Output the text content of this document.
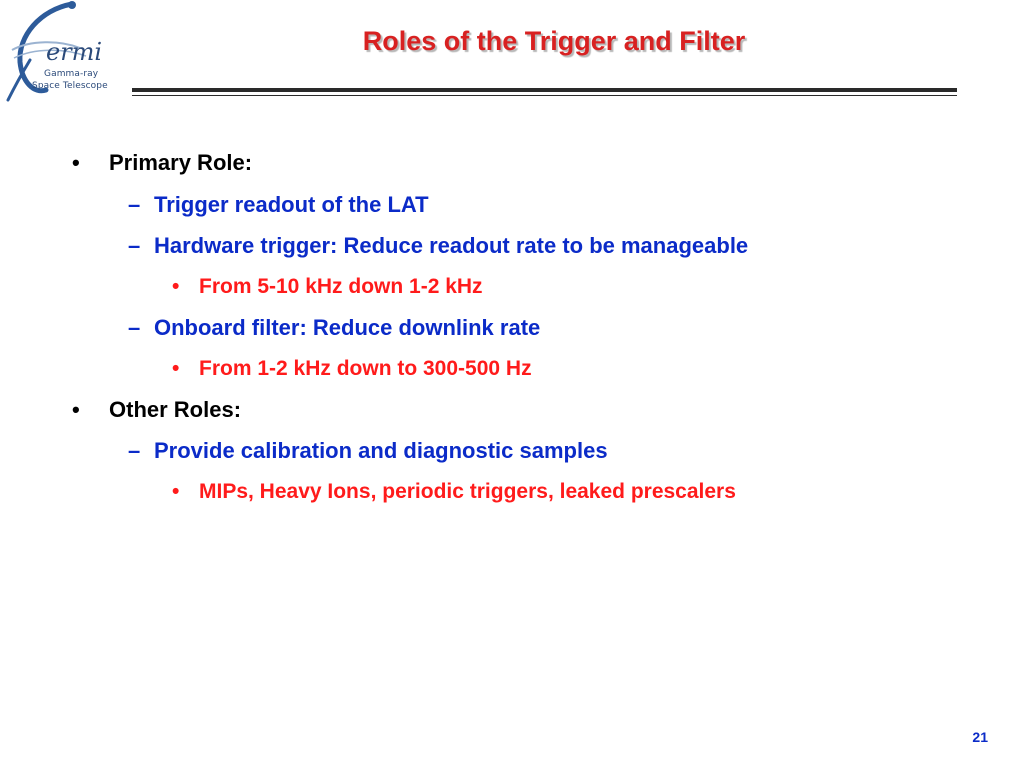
ermi
Gamma-ray
Space Telescope
Roles of the Trigger and Filter
• Primary Role:
– Trigger readout of the LAT
– Hardware trigger: Reduce readout rate to be manageable
• From 5-10 kHz down 1-2 kHz
– Onboard filter: Reduce downlink rate
• From 1-2 kHz down to 300-500 Hz
• Other Roles:
– Provide calibration and diagnostic samples
• MIPs, Heavy Ions, periodic triggers, leaked prescalers
21
